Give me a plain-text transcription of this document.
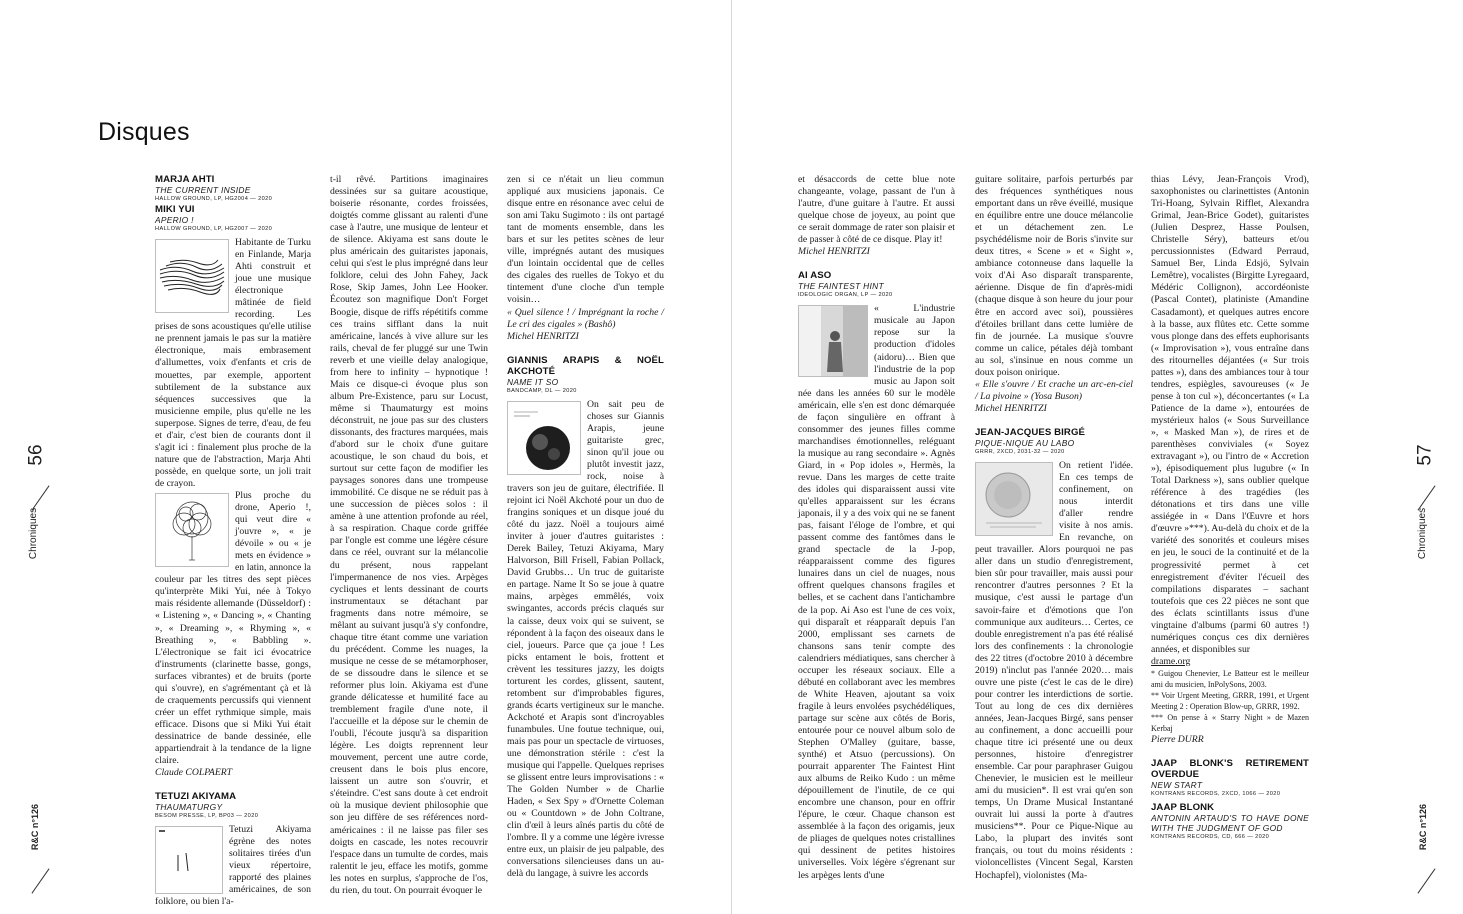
Disques
MARJA AHTI
THE CURRENT INSIDE
HALLOW GROUND, LP, HG2004 — 2020
MIKI YUI
APERIO !
HALLOW GROUND, LP, HG2007 — 2020

Habitante de Turku en Finlande, Marja Ahti construit et joue une musique électronique mâtinée de field recording. Les prises de sons acoustiques qu'elle utilise ne prennent jamais le pas sur la matière électronique, mais embrasement d'allumettes, voix d'enfants et cris de mouettes, par exemple, apportent subtilement de la substance aux séquences successives que la musicienne empile, plus qu'elle ne les superpose. Signes de terre, d'eau, de feu et d'air, c'est bien de courants dont il s'agit ici : finalement plus proche de la nature que de l'abstraction, Marja Ahti possède, en quelque sorte, un joli trait de crayon.

Plus proche du drone, Aperio !, qui veut dire « j'ouvre », « je dévoile » ou « je mets en évidence » en latin, annonce la couleur par les titres des sept pièces qu'interprète Miki Yui, née à Tokyo mais résidente allemande (Düsseldorf) : « Listening », « Dancing », « Chanting », « Dreaming », « Rhyming », « Breathing », « Babbling ». L'électronique se fait ici évocatrice d'instruments (clarinette basse, gongs, surfaces vibrantes) et de bruits (porte qui s'ouvre), en s'agrémentant çà et là de craquements percussifs qui viennent créer un effet rythmique simple, mais efficace. Disons que si Miki Yui était dessinatrice de bande dessinée, elle appartiendrait à la tendance de la ligne claire.

Claude COLPAERT

TETUZI AKIYAMA
THAUMATURGY
BESOM PRESSE, LP, BP03 — 2020

Tetuzi Akiyama égrène des notes solitaires tirées d'un vieux répertoire, rapporté des plaines américaines, de son folklore, ou bien l'a-

t-il rêvé. Partitions imaginaires dessinées sur sa guitare acoustique, boiserie résonante, cordes froissées, doigtés comme glissant au ralenti d'une case à l'autre, une musique de lenteur et de silence. Akiyama est sans doute le plus américain des guitaristes japonais, celui qui s'est le plus imprégné dans leur folklore, celui des John Fahey, Jack Rose, Skip James, John Lee Hooker. Écoutez son magnifique Don't Forget Boogie, disque de riffs répétitifs comme ces trains sifflant dans la nuit américaine, lancés à vive allure sur les rails, cheval de fer pluggé sur une Twin reverb et une vieille delay analogique, from here to infinity – hypnotique ! Mais ce disque-ci évoque plus son album Pre-Existence, paru sur Locust, même si Thaumaturgy est moins déconstruit, ne joue pas sur des clusters dissonants, des fractures marquées, mais d'abord sur le choix d'une guitare acoustique, le son chaud du bois, et surtout sur cette façon de modifier les paysages sonores dans une trompeuse immobilité. Ce disque ne se réduit pas à une succession de pièces solos : il amène à une attention profonde au réel, à sa respiration. Chaque corde griffée par l'ongle est comme une légère césure dans ce réel, ouvrant sur la mélancolie du présent, nous rappelant l'impermanence de nos vies. Arpèges cycliques et lents dessinant de courts instrumentaux se détachant par fragments dans notre mémoire, se mêlant au suivant jusqu'à s'y confondre, chaque titre étant comme une variation du précédent. Comme les nuages, la musique ne cesse de se métamorphoser, de se dissoudre dans le silence et se reformer plus loin. Akiyama est d'une grande délicatesse et humilité face au tremblement fragile d'une note, il l'accueille et la dépose sur le chemin de l'oubli, l'écoute jusqu'à sa disparition légère. Les doigts reprennent leur mouvement, percent une autre corde, creusent dans le bois plus encore, laissent un autre son s'ouvrir, et s'éteindre. C'est sans doute à cet endroit où la musique devient philosophie que son jeu diffère de ses références nord-américaines : il ne laisse pas filer ses doigts en cascade, les notes recouvrir l'espace dans un tumulte de cordes, mais ralentit le jeu, efface les motifs, gomme les notes en surplus, s'approche de l'os, du rien, du tout. On pourrait évoquer le

zen si ce n'était un lieu commun appliqué aux musiciens japonais. Ce disque entre en résonance avec celui de son ami Taku Sugimoto : ils ont partagé tant de moments ensemble, dans les bars et sur les petites scènes de leur ville, imprégnés autant des musiques d'un lointain occidental que de celles des cigales des ruelles de Tokyo et du tintement d'une cloche d'un temple voisin…

« Quel silence ! / Imprégnant la roche / Le cri des cigales » (Bashô)

Michel HENRITZI

GIANNIS ARAPIS & NOËL AKCHOTÉ
NAME IT SO
BANDCAMP, DL — 2020

On sait peu de choses sur Giannis Arapis, jeune guitariste grec, sinon qu'il joue ou plutôt investit jazz, rock, noise à travers son jeu de guitare, électrifiée. Il rejoint ici Noël Akchoté pour un duo de frangins soniques et un disque joué du côté du jazz. Noël a toujours aimé inviter à jouer d'autres guitaristes : Derek Bailey, Tetuzi Akiyama, Mary Halvorson, Bill Frisell, Fabian Pollack, David Grubbs… Un truc de guitariste en partage. Name It So se joue à quatre mains, arpèges emmêlés, voix swingantes, accords précis claqués sur la caisse, deux voix qui se suivent, se répondent à la façon des oiseaux dans le ciel, joueurs. Parce que ça joue ! Les picks entament le bois, frottent et crèvent les tessitures jazzy, les doigts torturent les cordes, glissent, sautent, retombent sur d'improbables figures, grands écarts vertigineux sur le manche. Ackchoté et Arapis sont d'incroyables funambules. Une foutue technique, oui, mais pas pour un spectacle de virtuoses, une démonstration stérile : c'est la musique qui l'appelle. Quelques reprises se glissent entre leurs improvisations : « The Golden Number » de Charlie Haden, « Sex Spy » d'Ornette Coleman ou « Countdown » de John Coltrane, clin d'œil à leurs aînés partis du côté de l'ombre. Il y a comme une légère ivresse entre eux, un plaisir de jeu palpable, des conversations silencieuses dans un au-delà du langage, à suivre les accords

56
Chroniques
R&C n°126

et désaccords de cette blue note changeante, volage, passant de l'un à l'autre, d'une guitare à l'autre. Et aussi quelque chose de joyeux, au point que ce serait dommage de rater son plaisir et de passer à côté de ce disque. Play it!

Michel HENRITZI

AI ASO
THE FAINTEST HINT
IDEOLOGIC ORGAN, LP — 2020

« L'industrie musicale au Japon repose sur la production d'idoles (aidoru)… Bien que l'industrie de la pop music au Japon soit née dans les années 60 sur le modèle américain, elle s'en est donc démarquée de façon singulière en offrant à consommer des jeunes filles comme marchandises émotionnelles, reléguant la musique au rang secondaire ». Agnès Giard, in « Pop idoles », Hermès, la revue. Dans les marges de cette traite des idoles qui disparaissent aussi vite qu'elles apparaissent sur les écrans japonais, il y a des voix qui ne se fanent pas, faisant l'éloge de l'ombre, et qui passent comme des fantômes dans le grand spectacle de la J-pop, réapparaissent comme des figures lunaires dans un ciel de nuages, nous offrent quelques chansons fragiles et belles, et se cachent dans l'antichambre de la pop. Ai Aso est l'une de ces voix, qui disparaît et réapparaît depuis l'an 2000, emplissant ses carnets de chansons sans tenir compte des calendriers médiatiques, sans chercher à occuper les réseaux sociaux. Elle a débuté en collaborant avec les membres de White Heaven, ajoutant sa voix fragile à leurs envolées psychédéliques, partage sur scène aux côtés de Boris, entourée pour ce nouvel album solo de Stephen O'Malley (guitare, basse, synthé) et Atsuo (percussions). On pourrait apparenter The Faintest Hint aux albums de Reiko Kudo : un même dépouillement de l'inutile, de ce qui encombre une chanson, pour en offrir l'épure, le cœur. Chaque chanson est assemblée à la façon des origamis, jeux de pliages de quelques notes cristallines qui dessinent de petites histoires universelles. Voix légère s'égrenant sur les arpèges lents d'une

guitare solitaire, parfois perturbés par des fréquences synthétiques nous emportant dans un rêve éveillé, musique en équilibre entre une douce mélancolie et un détachement zen. Le psychédélisme noir de Boris s'invite sur deux titres, « Scene » et « Sight », ambiance cotonneuse dans laquelle la voix d'Ai Aso disparaît transparente, aérienne. Disque de fin d'après-midi (chaque disque à son heure du jour pour être en accord avec soi), poussières d'étoiles brillant dans cette lumière de fin de journée. La musique s'ouvre comme un calice, pétales déjà tombant au sol, s'insinue en nous comme un doux poison onirique.

« Elle s'ouvre / Et crache un arc-en-ciel / La pivoine » (Yosa Buson)

Michel HENRITZI

JEAN-JACQUES BIRGÉ
PIQUE-NIQUE AU LABO
GRRR, 2XCD, 2031-32 — 2020

On retient l'idée. En ces temps de confinement, on nous interdit d'aller rendre visite à nos amis. En revanche, on peut travailler. Alors pourquoi ne pas aller dans un studio d'enregistrement, bien sûr pour travailler, mais aussi pour rencontrer d'autres personnes ? Et la musique, c'est aussi le partage d'un savoir-faire et d'émotions que l'on communique aux auditeurs… Certes, ce double enregistrement n'a pas été réalisé lors des confinements : la chronologie des 22 titres (d'octobre 2010 à décembre 2019) n'inclut pas l'année 2020… mais ouvre une piste (c'est le cas de le dire) pour contrer les interdictions de sortie. Tout au long de ces dix dernières années, Jean-Jacques Birgé, sans penser au confinement, a donc accueilli pour chaque titre ici présenté une ou deux personnes, histoire d'enregistrer ensemble. Car pour paraphraser Guigou Chenevier, le musicien est le meilleur ami du musicien*. Il est vrai qu'en son temps, Un Drame Musical Instantané ouvrait lui aussi la porte à d'autres musiciens**. Pour ce Pique-Nique au Labo, la plupart des invités sont français, ou tout du moins résidents : violoncellistes (Vincent Segal, Karsten Hochapfel), violonistes (Ma-

thias Lévy, Jean-François Vrod), saxophonistes ou clarinettistes (Antonin Tri-Hoang, Sylvain Rifflet, Alexandra Grimal, Jean-Brice Godet), guitaristes (Julien Desprez, Hasse Poulsen, Christelle Séry), batteurs et/ou percussionnistes (Edward Perraud, Samuel Ber, Linda Edsjö, Sylvain Lemêtre), vocalistes (Birgitte Lyregaard, Médéric Collignon), accordéoniste (Pascal Contet), platiniste (Amandine Casadamont), et quelques autres encore à la basse, aux flûtes etc. Cette somme vous plonge dans des effets euphorisants (« Improvisation »), vous entraîne dans des ritournelles déjantées (« Sur trois pattes »), dans des ambiances tour à tour tendres, espiègles, savoureuses (« Je pense à ton cul »), déconcertantes (« La Patience de la dame »), entourées de mystérieux halos (« Sous Surveillance », « Masked Man »), de rires et de parenthèses conviviales (« Soyez extravagant »), ou l'intro de « Accretion »), épisodiquement plus lugubre (« In Total Darkness »), sans oublier quelque référence à des tragédies (les détonations et tirs dans une ville assiégée in « Dans l'Œuvre et hors d'œuvre »***). Au-delà du choix et de la variété des sonorités et couleurs mises en jeu, le souci de la continuité et de la progressivité permet à cet enregistrement d'éviter l'écueil des compilations disparates – sachant toutefois que ces 22 pièces ne sont que des éclats scintillants issus d'une vingtaine d'albums (parmi 60 autres !) numériques conçus ces dix dernières années, et disponibles sur

drame.org

* Guigou Chenevier, Le Batteur est le meilleur ami du musicien, InPolySons, 2003.

** Voir Urgent Meeting, GRRR, 1991, et Urgent Meeting 2 : Operation Blow-up, GRRR, 1992.

*** On pense à « Starry Night » de Mazen Kerbaj

Pierre DURR

JAAP BLONK'S RETIREMENT OVERDUE
NEW START
KONTRANS RECORDS, 2XCD, 1066 — 2020
JAAP BLONK
ANTONIN ARTAUD'S TO HAVE DONE WITH THE JUDGMENT OF GOD
KONTRANS RECORDS, CD, 666 — 2020
57
Chroniques
R&C n°126
